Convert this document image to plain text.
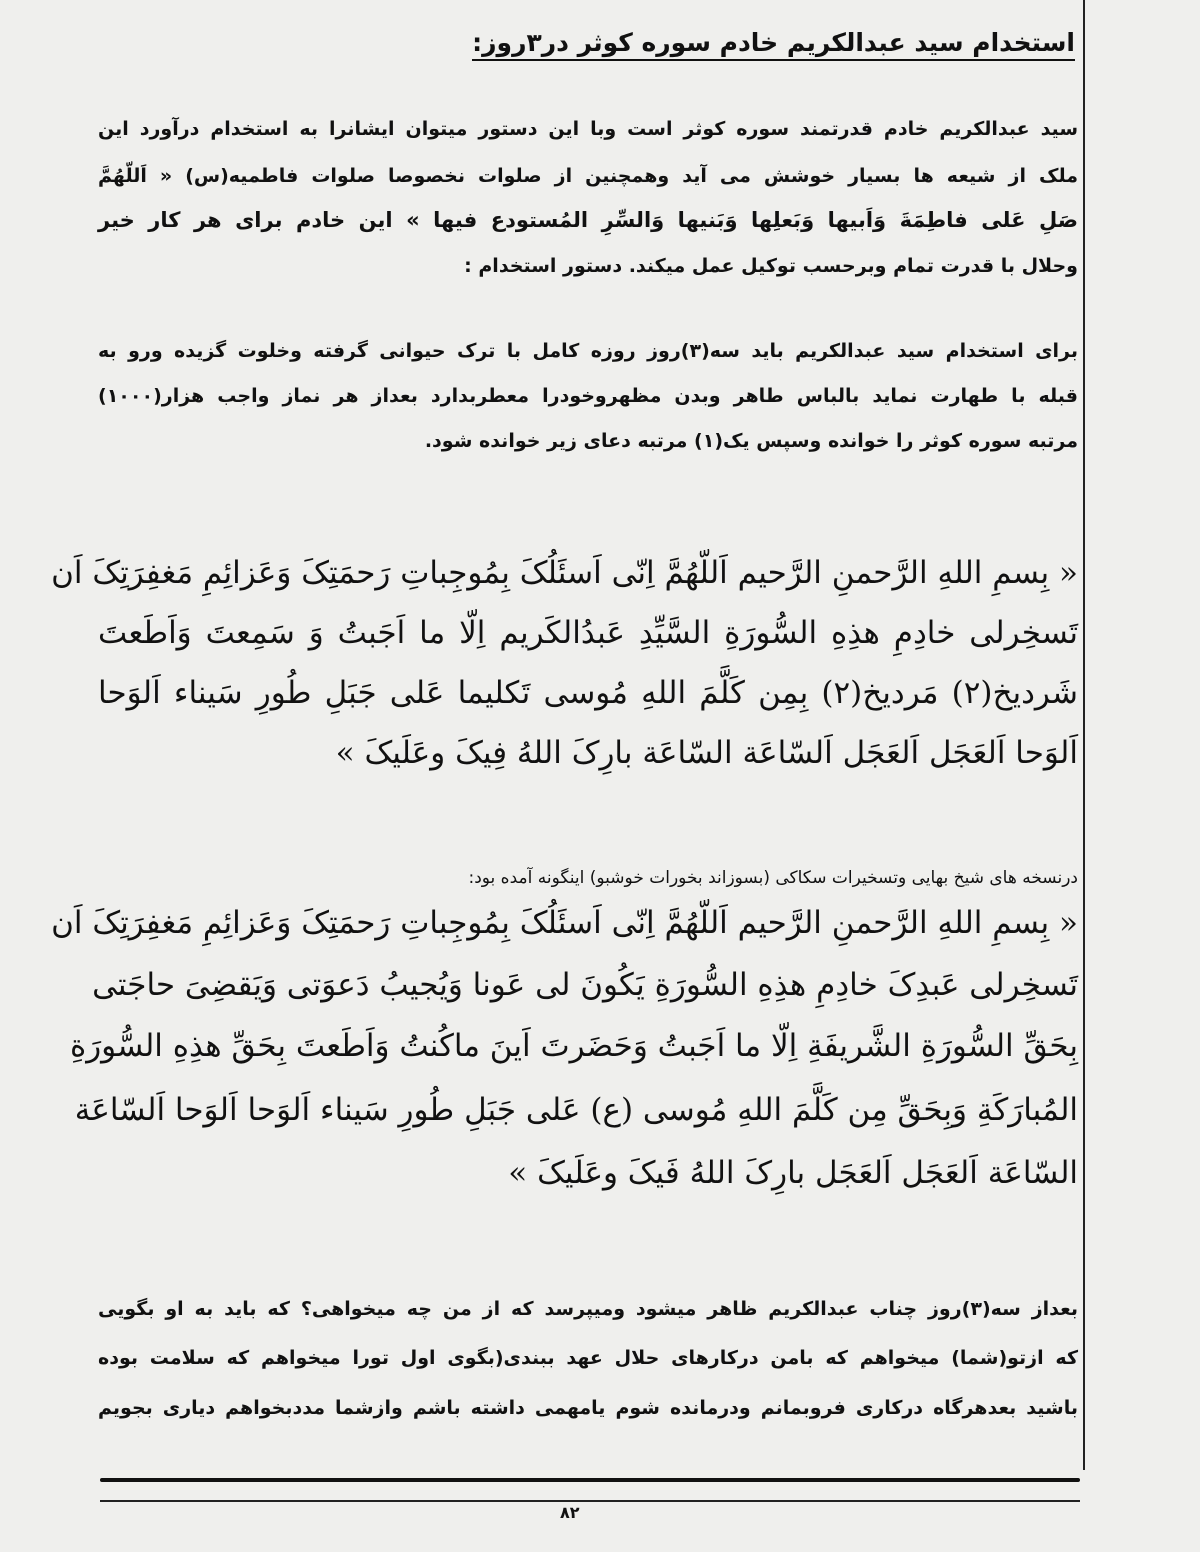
استخدام سید عبدالکریم خادم سوره کوثر در۳روز:
سید عبدالکریم خادم قدرتمند سوره کوثر است وبا این دستور میتوان ایشانرا به استخدام درآورد این
ملک از شیعه ها بسیار خوشش می آید وهمچنین از صلوات نخصوصا صلوات فاطمیه(س) « اَللّهُمَّ
صَلِ عَلی فاطِمَةَ وَاَبیها وَبَعلِها وَبَنیها وَالسِّرِ المُستودع فیها » این خادم برای هر کار خیر
وحلال با قدرت تمام وبرحسب توکیل عمل میکند. دستور استخدام :
برای استخدام سید عبدالکریم باید سه(۳)روز روزه کامل با ترک حیوانی گرفته وخلوت گزیده ورو به
قبله با طهارت نماید بالباس طاهر وبدن مظهروخودرا معطربدارد بعداز هر نماز واجب هزار(۱۰۰۰)
مرتبه سوره کوثر را خوانده وسپس یک(۱) مرتبه دعای زیر خوانده شود.
« بِسمِ اللهِ الرَّحمنِ الرَّحیم اَللّهُمَّ اِنّی اَسئَلُکَ بِمُوجِباتِ رَحمَتِکَ وَعَزائِمِ مَغفِرَتِکَ اَن
تَسخِرلی خادِمِ هذِهِ السُّورَةِ السَّیِّدِ عَبدُالکَریم اِلّا ما اَجَبتُ وَ سَمِعتَ وَاَطَعتَ
شَردیخ(۲) مَردیخ(۲) بِمِن کَلَّمَ اللهِ مُوسی تَکلیما عَلی جَبَلِ طُورِ سَیناء اَلوَحا
اَلوَحا اَلعَجَل اَلعَجَل اَلسّاعَة السّاعَة بارِکَ اللهُ فِیکَ وعَلَیکَ »
درنسخه های شیخ بهایی وتسخیرات سکاکی (بسوزاند بخورات خوشبو) اینگونه آمده بود:
« بِسمِ اللهِ الرَّحمنِ الرَّحیم اَللّهُمَّ اِنّی اَسئَلُکَ بِمُوجِباتِ رَحمَتِکَ وَعَزائِمِ مَغفِرَتِکَ اَن
تَسخِرلی عَبدِکَ خادِمِ هذِهِ السُّورَةِ یَکُونَ لی عَونا وَیُجیبُ دَعوَتی وَیَقضِیَ حاجَتی
بِحَقِّ السُّورَةِ الشَّریفَةِ اِلّا ما اَجَبتُ وَحَضَرتَ اَینَ ماکُنتُ وَاَطَعتَ بِحَقِّ هذِهِ السُّورَةِ
المُبارَکَةِ وَبِحَقِّ مِن کَلَّمَ اللهِ مُوسی (ع) عَلی جَبَلِ طُورِ سَیناء اَلوَحا اَلوَحا اَلسّاعَة
السّاعَة اَلعَجَل اَلعَجَل بارِکَ اللهُ فَیکَ وعَلَیکَ »
بعداز سه(۳)روز چناب عبدالکریم ظاهر میشود ومیپرسد که از من چه میخواهی؟ که باید به او بگویی
که ازتو(شما) میخواهم که بامن درکارهای حلال عهد ببندی(بگوی اول تورا میخواهم که سلامت بوده
باشید بعدهرگاه درکاری فروبمانم ودرمانده شوم یامهمی داشته باشم وازشما مددبخواهم دیاری بجویم
۸۲
